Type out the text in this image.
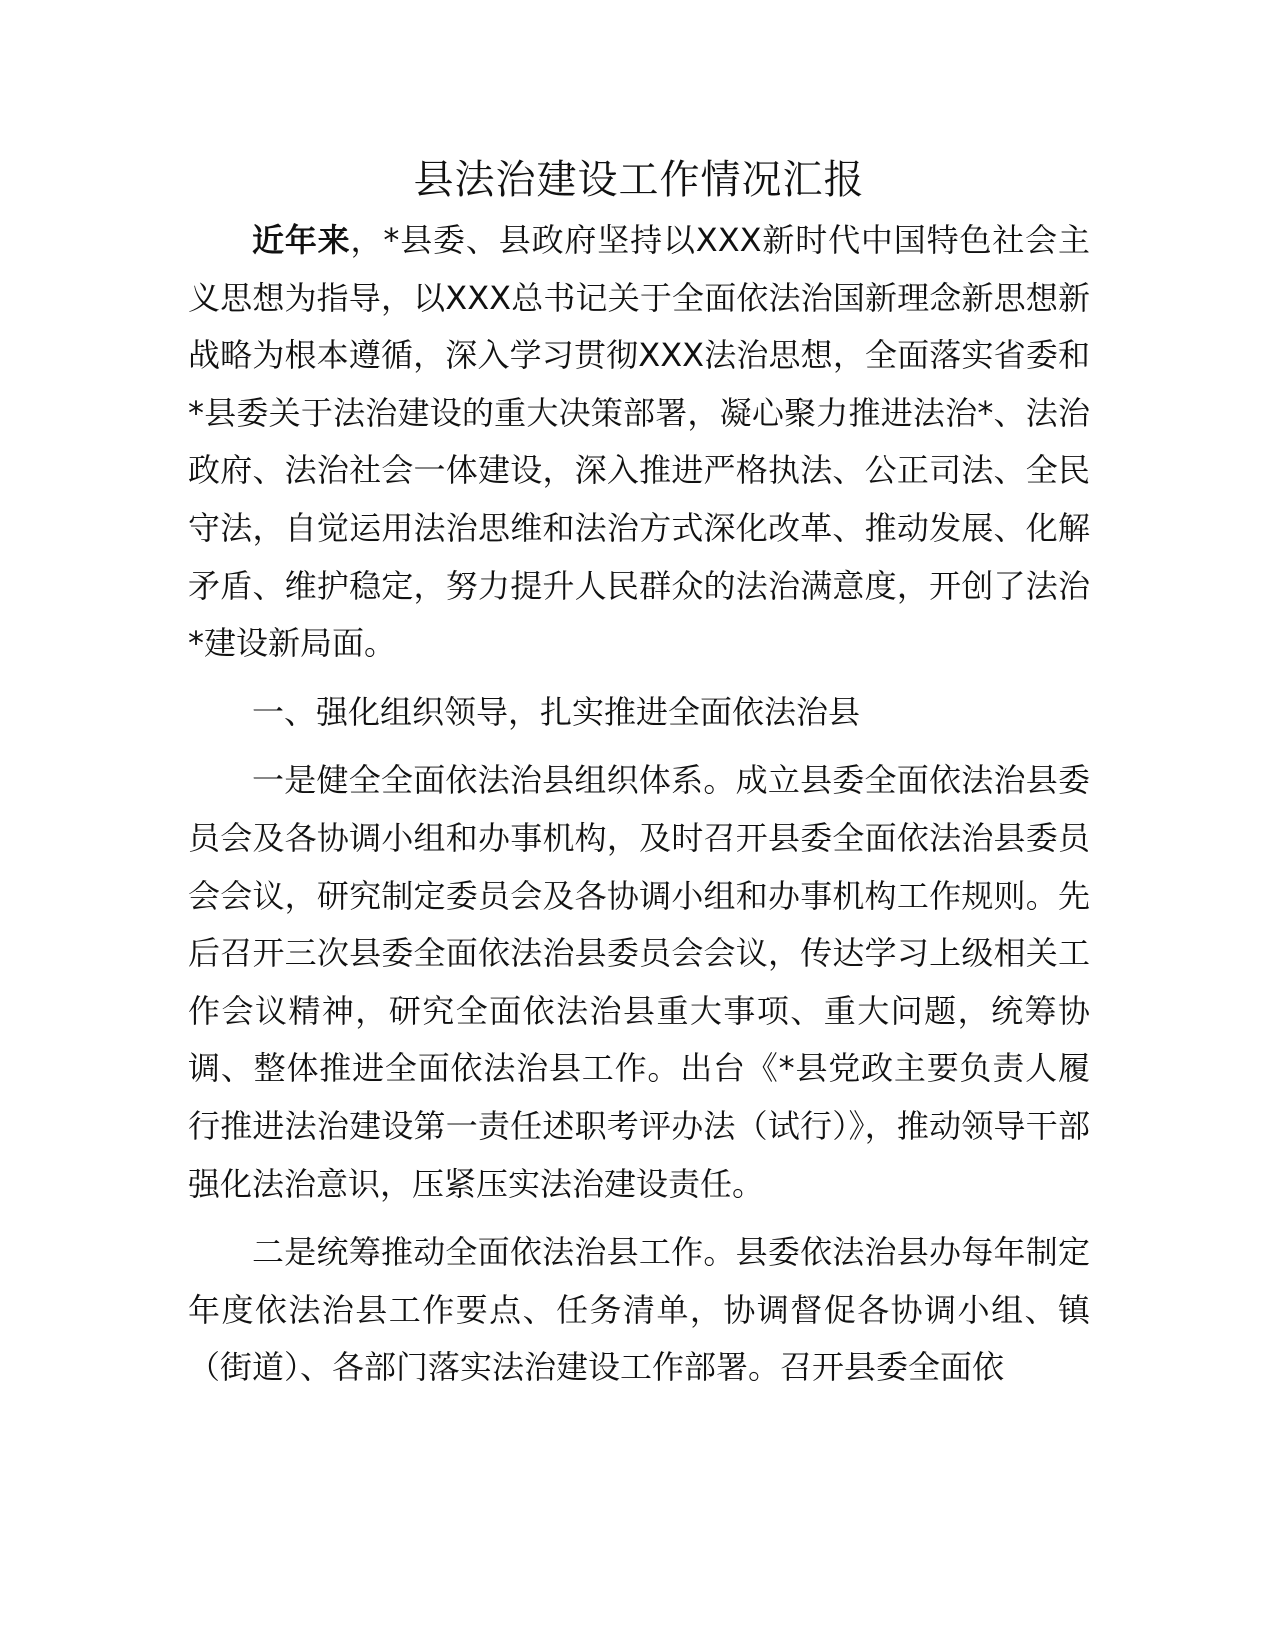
县法治建设工作情况汇报

近年来，*县委、县政府坚持以XXX新时代中国特色社会主义思想为指导，以XXX总书记关于全面依法治国新理念新思想新战略为根本遵循，深入学习贯彻XXX法治思想，全面落实省委和*县委关于法治建设的重大决策部署，凝心聚力推进法治*、法治政府、法治社会一体建设，深入推进严格执法、公正司法、全民守法，自觉运用法治思维和法治方式深化改革、推动发展、化解矛盾、维护稳定，努力提升人民群众的法治满意度，开创了法治*建设新局面。

一、强化组织领导，扎实推进全面依法治县

一是健全全面依法治县组织体系。成立县委全面依法治县委员会及各协调小组和办事机构，及时召开县委全面依法治县委员会会议，研究制定委员会及各协调小组和办事机构工作规则。先后召开三次县委全面依法治县委员会会议，传达学习上级相关工作会议精神，研究全面依法治县重大事项、重大问题，统筹协调、整体推进全面依法治县工作。出台《*县党政主要负责人履行推进法治建设第一责任述职考评办法（试行）》，推动领导干部强化法治意识，压紧压实法治建设责任。

二是统筹推动全面依法治县工作。县委依法治县办每年制定年度依法治县工作要点、任务清单，协调督促各协调小组、镇（街道）、各部门落实法治建设工作部署。召开县委全面依
